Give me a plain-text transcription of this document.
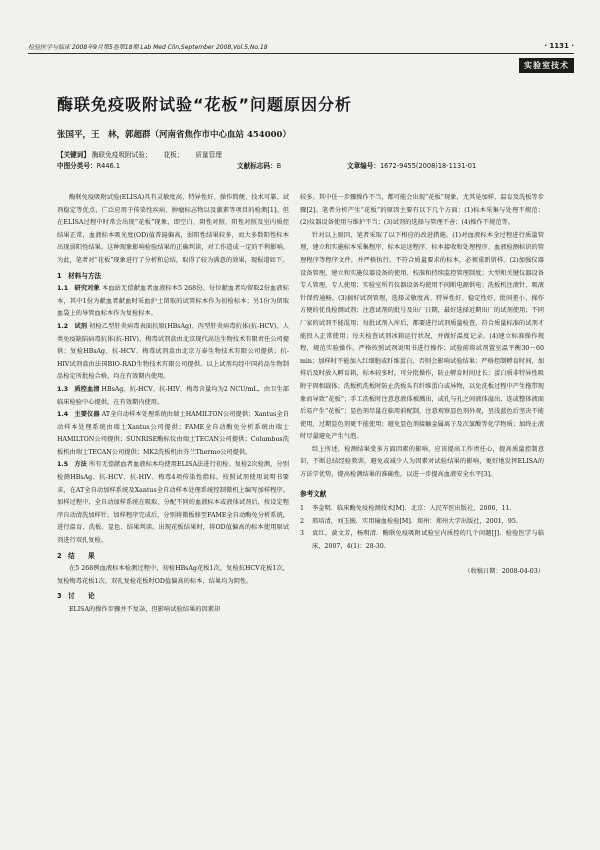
检验医学与临床 2008年9月第5卷第18期 Lab Med Clin,September 2008,Vol.5,No.18	· 1131 ·
实验室技术
酶联免疫吸附试验“花板”问题原因分析
张国平，王　林，郭超群（河南省焦作市中心血站 454000）
【关键词】 酶联免疫吸附试验； 花板； 质量管理
中图分类号：R446.1	文献标志码：B	文章编号：1672-9455(2008)18-1131-01

酶联免疫吸附试验(ELISA)具有灵敏度高、特异性好、操作简便、技术可靠、试剂稳定等优点，广泛应用于传染性疾病、肿瘤标志物以及激素等项目的检测[1]。但在ELISA过程中时常会出现“花板”现象，即空白、阴性对照、阳性对照及室内质控结果正常，血液标本吸光度(OD)值普遍偏高，弱阳性结果较多，而大多数阳性标本出现弱阳性结果。这种现象影响检验结果的正确判读，对工作造成一定的不利影响。为此，笔者对“花板”现象进行了分析和总结，取得了较为满意的效果，现报道如下。

1　材料与方法

1.1　研究对象 本血站无偿献血者血液标本5 268份。每位献血者均留取2份血液标本，其中1份为献血者献血时采血护士留取的试管标本作为初检标本；另1份为留取血袋上的导管血标本作为复检标本。

1.2　试剂 初检乙型肝炎病毒表面抗原(HBsAg)、丙型肝炎病毒抗体(抗-HCV)、人类免疫缺陷病毒抗体(抗-HIV)、梅毒试剂盒由北京现代高达生物技术有限责任公司提供；复检HBsAg、抗-HCV、梅毒试剂盒由北京万泰生物技术有限公司提供；抗-HIV试剂盒由法国BIO-RAD生物技术有限公司提供。以上试剂均经中国药品生物制品检定所批检合格，均在有效期内使用。

1.3　质控血清 HBsAg、抗-HCV、抗-HIV、梅毒含量均为2 NCU/mL，由卫生部临床检验中心提供，在有效期内使用。

1.4　主要仪器 AT全自动样本处理系统由瑞士HAMILTON公司提供；Xantus全自动样本处理系统由瑞士Xantus公司提供；FAME全自动酶免分析系统由瑞士HAMILTON公司提供；SUNRISE酶标仪由瑞士TECAN公司提供；Columbus洗板机由瑞士TECAN公司提供；MK2洗板机由芬兰Thermo公司提供。

1.5　方法 所有无偿献血者血液标本均使用ELISA法进行初检、复检2次检测，分别检测HBsAg、抗-HCV、抗-HIV、梅毒4项传染性指标。按照试剂使用说明书要求，在AT全自动加样系统及Xantus全自动样本处理系统控制微机上编写加样程序。加样过程中，全自动加样系统在吸取、分配不同的血液标本或液体试剂后，按设定程序自动清洗加样针。加样程序完成后，分别将微板移至FAME全自动酶免分析系统，进行温育、洗板、显色、结果判读。出现花板结果时，将OD值偏高的标本使用原试剂进行双孔复检。

2　结　　果

在5 268例血液标本检测过程中，初检HBsAg花板1次，复检抗HCV花板1次，复检梅毒花板1次。双孔复检花板时OD值偏高的标本，结果均为阴性。

3　讨　　论

ELISA的操作步骤并不复杂，但影响试验结果的因素却

较多。其中任一步骤操作不当，都可能会出现“花板”现象，尤其是加样、温育及洗板等步骤[2]。笔者分析产生“花板”的原因主要有以下几个方面：(1)标本采集与处理不规范；(2)仪器设备使用与维护不当；(3)试剂的选择与管理不善；(4)操作不规范等。

针对以上原因，笔者采取了以下相应的改进措施。(1)对血液标本全过程进行质量管理，建立和实施标本采集程序、标本运送程序、标本接收和处理程序、血液检测标识的管理程序等程序文件，并严格执行。不符合质量要求的标本，必须重新留样。(2)加强仪器设备管理，建立和实施仪器设备的使用、校准和持续监控管理制度；大型和关键仪器设备专人管理，专人使用；实验室所有仪器设备均使用不间断电源供电；洗板机注液针、吸液针保持通畅。(3)搞好试剂管理，选择灵敏度高、特异性好、稳定性好、批间差小、操作方便的优良检测试剂；注意试剂的批号及出厂日期，最好选择近期出厂的试剂使用；不同厂家的试剂不能混用；每批试剂入库后，都要进行试剂质量检查，符合质量标准的试剂才能投入正常使用；每天检查试剂冰箱运行状况，并做好温度记录。(4)建立标准操作规程，规范实验操作。严格按照试剂说明书进行操作；试验前将试剂置室温平衡30～60 min；加样时不能加入红细胞或纤维蛋白，否则会影响试验结果；严格控制孵育时间，加样后及时放入孵育箱，标本较多时，可分批操作，防止孵育时间过长；蛋白质非特异性吸附于固相载体；洗板机洗板时防止洗板头有纤维蛋白或异物，以免洗板过程中产生拖带现象而导致“花板”；手工洗板时注意意液体被溅出，或孔与孔之间液体溢出，连或整体液面后易产生“花板”；显色剂尽量在临用前配制，注意观察显色剂外观，呈浅蓝色后坚决不能使用，过期显色剂更不能使用；避免显色剂接触金属离子及次氯酸等化学物质；加终止液时尽量避免产生气泡。

综上所述，检测结果受多方面因素的影响，应该提高工作责任心，提高质量控制意识，不断总结经验教训，避免或减少人为因素对试验结果的影响，更好地发挥ELISA的方法学优势，提高检测结果的准确性，以进一步提高血液安全水平[3]。

参考文献
1	李金明．临床酶免疫检测技术[M]．北京：人民军医出版社，2006，11.
2	邢培清，刘玉振．实用输血检验[M]．郑州：郑州大学出版社，2001，95.
3	袁红，黄文芳，杨明清．酶联免疫吸附试验室内质控的几个问题[J]．检验医学与临床，2007，4(1)：28-30.
（收稿日期：2008-04-03）
